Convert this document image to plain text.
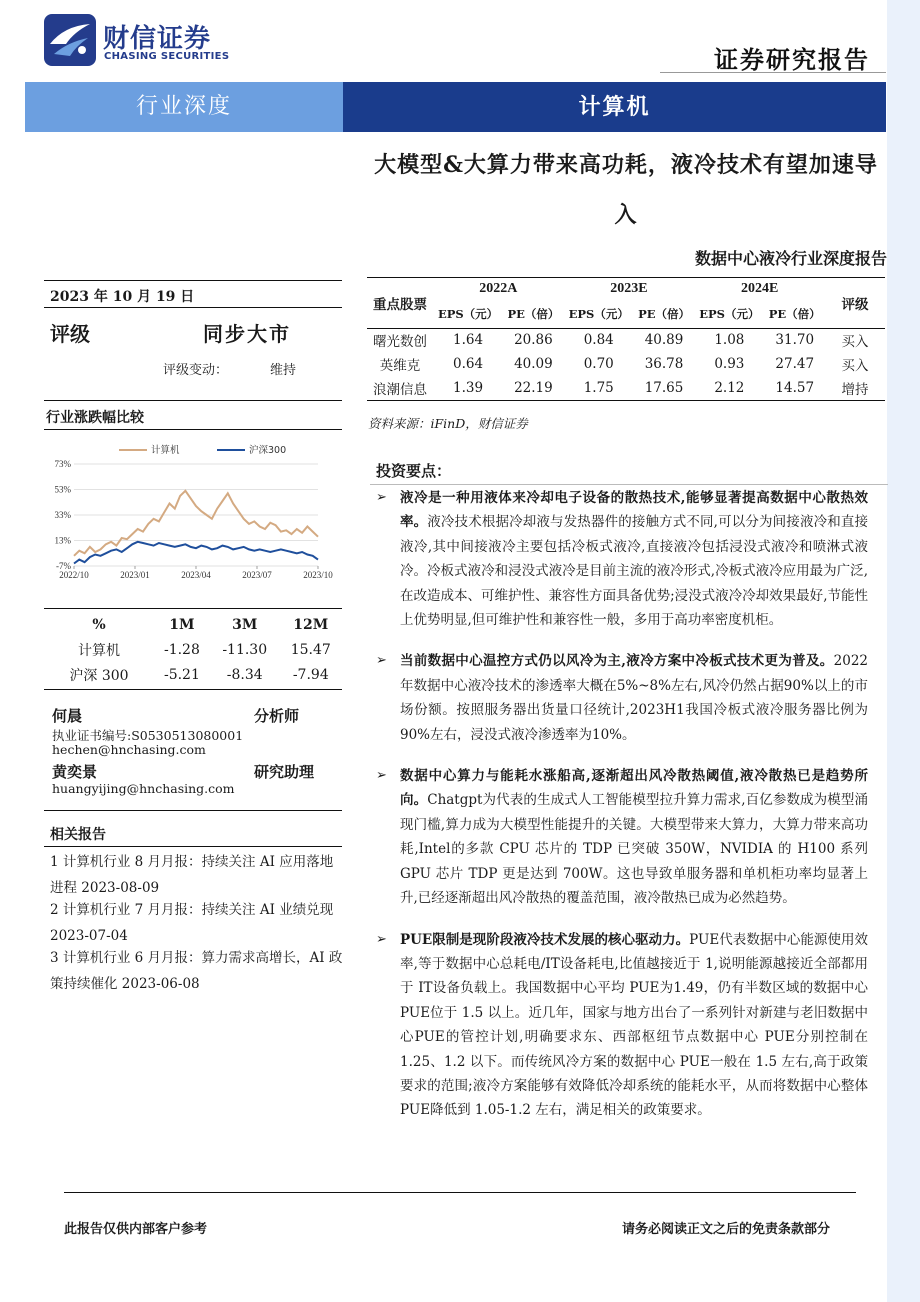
财信证券
CHASING SECURITIES	证券研究报告
行业深度	计算机
大模型&大算力带来高功耗，液冷技术有望加速导
入
数据中心液冷行业深度报告
2023 年 10 月 19 日
评级	同步大市
评级变动：	维持
行业涨跌幅比较
73%
53%
33%
13%
-7%
2022/10	2023/01	2023/04	2023/07	2023/10
计算机	沪深300
%	1M	3M	12M
计算机	-1.28	-11.30	15.47
沪深 300	-5.21	-8.34	-7.94
何晨	分析师
执业证书编号:S0530513080001
hechen@hnchasing.com
黄奕景	研究助理
huangyijing@hnchasing.com
相关报告
1 计算机行业 8 月月报：持续关注 AI 应用落地进程 2023-08-09
2 计算机行业 7 月月报：持续关注 AI 业绩兑现 2023-07-04
3 计算机行业 6 月月报：算力需求高增长，AI 政策持续催化 2023-06-08
重点股票	2022A		2023E		2024E		评级
	EPS（元）	PE（倍）	EPS（元）	PE（倍）	EPS（元）	PE（倍）	
曙光数创	1.64	20.86	0.84	40.89	1.08	31.70	买入
英维克	0.64	40.09	0.70	36.78	0.93	27.47	买入
浪潮信息	1.39	22.19	1.75	17.65	2.12	14.57	增持
资料来源：iFinD，财信证券
投资要点：
➢ 液冷是一种用液体来冷却电子设备的散热技术,能够显著提高数据中心散热效率。液冷技术根据冷却液与发热器件的接触方式不同,可以分为间接液冷和直接液冷,其中间接液冷主要包括冷板式液冷,直接液冷包括浸没式液冷和喷淋式液冷。冷板式液冷和浸没式液冷是目前主流的液冷形式,冷板式液冷应用最为广泛,在改造成本、可维护性、兼容性方面具备优势;浸没式液冷冷却效果最好,节能性上优势明显,但可维护性和兼容性一般，多用于高功率密度机柜。
➢ 当前数据中心温控方式仍以风冷为主,液冷方案中冷板式技术更为普及。2022年数据中心液冷技术的渗透率大概在5%~8%左右,风冷仍然占据90%以上的市场份额。按照服务器出货量口径统计,2023H1我国冷板式液冷服务器比例为90%左右，浸没式液冷渗透率为10%。
➢ 数据中心算力与能耗水涨船高,逐渐超出风冷散热阈值,液冷散热已是趋势所向。Chatgpt为代表的生成式人工智能模型拉升算力需求,百亿参数成为模型涌现门槛,算力成为大模型性能提升的关键。大模型带来大算力，大算力带来高功耗,Intel的多款 CPU 芯片的 TDP 已突破 350W，NVIDIA 的 H100 系列 GPU 芯片 TDP 更是达到 700W。这也导致单服务器和单机柜功率均显著上升,已经逐渐超出风冷散热的覆盖范围，液冷散热已成为必然趋势。
➢ PUE限制是现阶段液冷技术发展的核心驱动力。PUE代表数据中心能源使用效率,等于数据中心总耗电/IT设备耗电,比值越接近于 1,说明能源越接近全部都用于 IT设备负载上。我国数据中心平均 PUE为1.49，仍有半数区域的数据中心 PUE位于 1.5 以上。近几年，国家与地方出台了一系列针对新建与老旧数据中心PUE的管控计划,明确要求东、西部枢纽节点数据中心 PUE分别控制在 1.25、1.2 以下。而传统风冷方案的数据中心 PUE一般在 1.5 左右,高于政策要求的范围;液冷方案能够有效降低冷却系统的能耗水平，从而将数据中心整体PUE降低到 1.05-1.2 左右，满足相关的政策要求。
此报告仅供内部客户参考	请务必阅读正文之后的免责条款部分
